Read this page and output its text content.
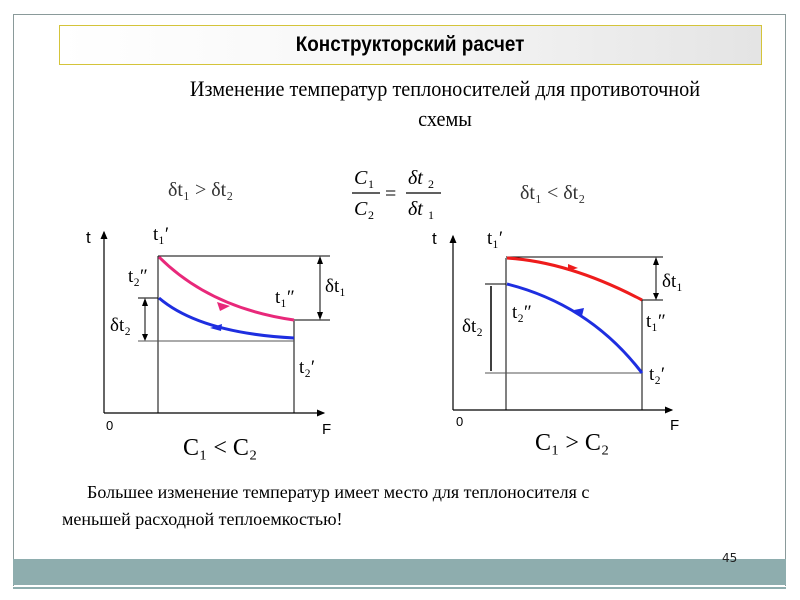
Конструкторский расчет
Изменение температур теплоносителей для противоточной
схемы
C 1
C 2
=
δt 2
δt 1
δt₁ > δt₂
t
F
0
t₁′
t₂″
t₁″
δt₁
δt₂
t₂′
C₁ < C₂
δt₁ < δt₂
t
F
0
t₁′
t₂″	t₁″
δt₁
δt₂
t₂′
C₁ > C₂
Большее изменение температур имеет место для теплоносителя с
меньшей расходной теплоемкостью!
45
